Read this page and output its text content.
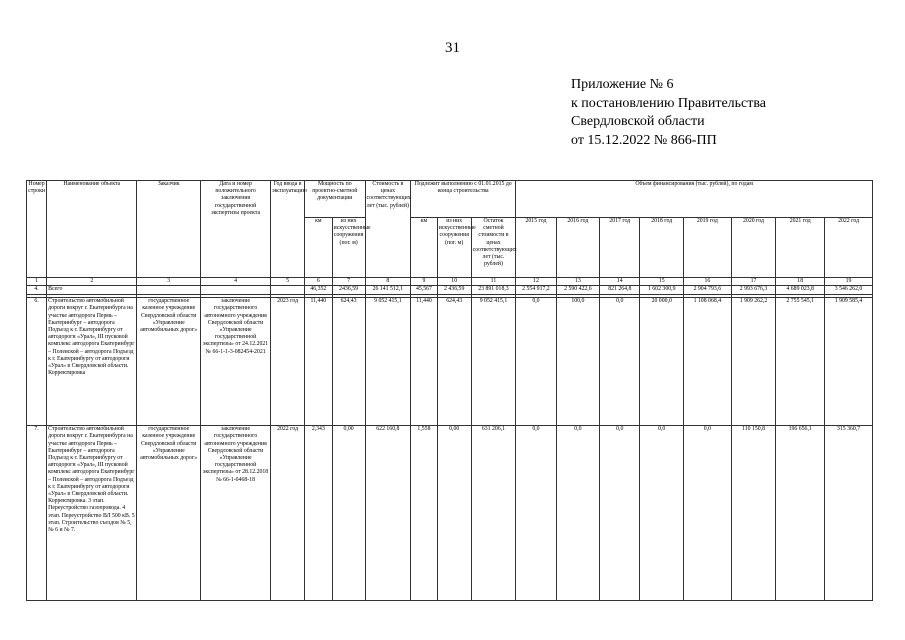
31
Приложение № 6
к постановлению Правительства
Свердловской области
от 15.12.2022 № 866-ПП
Номер строки	Наименование объекта	Заказчик	Дата и номер положительного заключения государственной экспертизы проекта	Год ввода в эксплуатацию	Мощность по проектно-сметной документации		Стоимость в ценах соответствующих лет (тыс. рублей)	Подлежит выполнению с 01.01.2015 до конца строительства			Объем финансирования (тыс. рублей), по годам							
					км	из них искусственные сооружения (пог. м)		км	из них искусственные сооружения (пог. м)	Остаток сметной стоимости в ценах соответствующих лет (тыс. рублей)	2015 год	2016 год	2017 год	2018 год	2019 год	2020 год	2021 год	2022 год
1	2	3	4	5	6	7	8	9	10	11	12	13	14	15	16	17	18	19
4.	Всего				46,352	2436,59	26 141 512,1	45,567	2 436,59	23 891 018,3	2 554 917,2	2 590 422,6	821 264,8	1 602 300,9	2 904 793,6	2 993 676,3	4 689 023,8	3 546 262,0

6.	Строительство автомобильной дороги вокруг г. Екатеринбурга на участке автодорога Пермь – Екатеринбург – автодорога Подъезд к г. Екатеринбургу от автодороги «Урал», III пусковой комплекс автодорога Екатеринбург – Полевской – автодорога Подъезд к г. Екатеринбургу от автодороги «Урал» в Свердловской области. Корректировка	государственное казенное учреждение Свердловской области «Управление автомобильных дорог»	заключение государственного автономного учреждения Свердловской области «Управление государственной экспертизы» от 24.12.2021 № 66-1-1-3-082454-2021	2023 год	11,440	624,43	9 052 415,1	11,440	624,43	9 052 415,1	0,0	100,0	0,0	20 000,0	1 108 068,4	1 909 262,2	2 755 545,1	1 909 585,4
7.	Строительство автомобильной дороги вокруг г. Екатеринбурга на участке автодорога Пермь – Екатеринбург – автодорога Подъезд к г. Екатеринбургу от автодороги «Урал», III пусковой комплекс автодорога Екатеринбург – Полевской – автодорога Подъезд к г. Екатеринбургу от автодороги «Урал» в Свердловской области. Корректировка. 3 этап. Переустройство газопровода. 4 этап. Переустройство ВЛ 500 кВ. 5 этап. Строительство съездов № 5, № 6 и № 7.	государственное казенное учреждение Свердловской области «Управление автомобильных дорог»	заключение государственного автономного учреждения Свердловской области «Управление государственной экспертизы» от 28.12.2018 № 66-1-0468-18	2022 год	2,343	0,00	622 160,8	1,558	0,00	631 206,1	0,0	0,0	0,0	0,0	0,0	110 150,8	196 656,1	315 360,7
